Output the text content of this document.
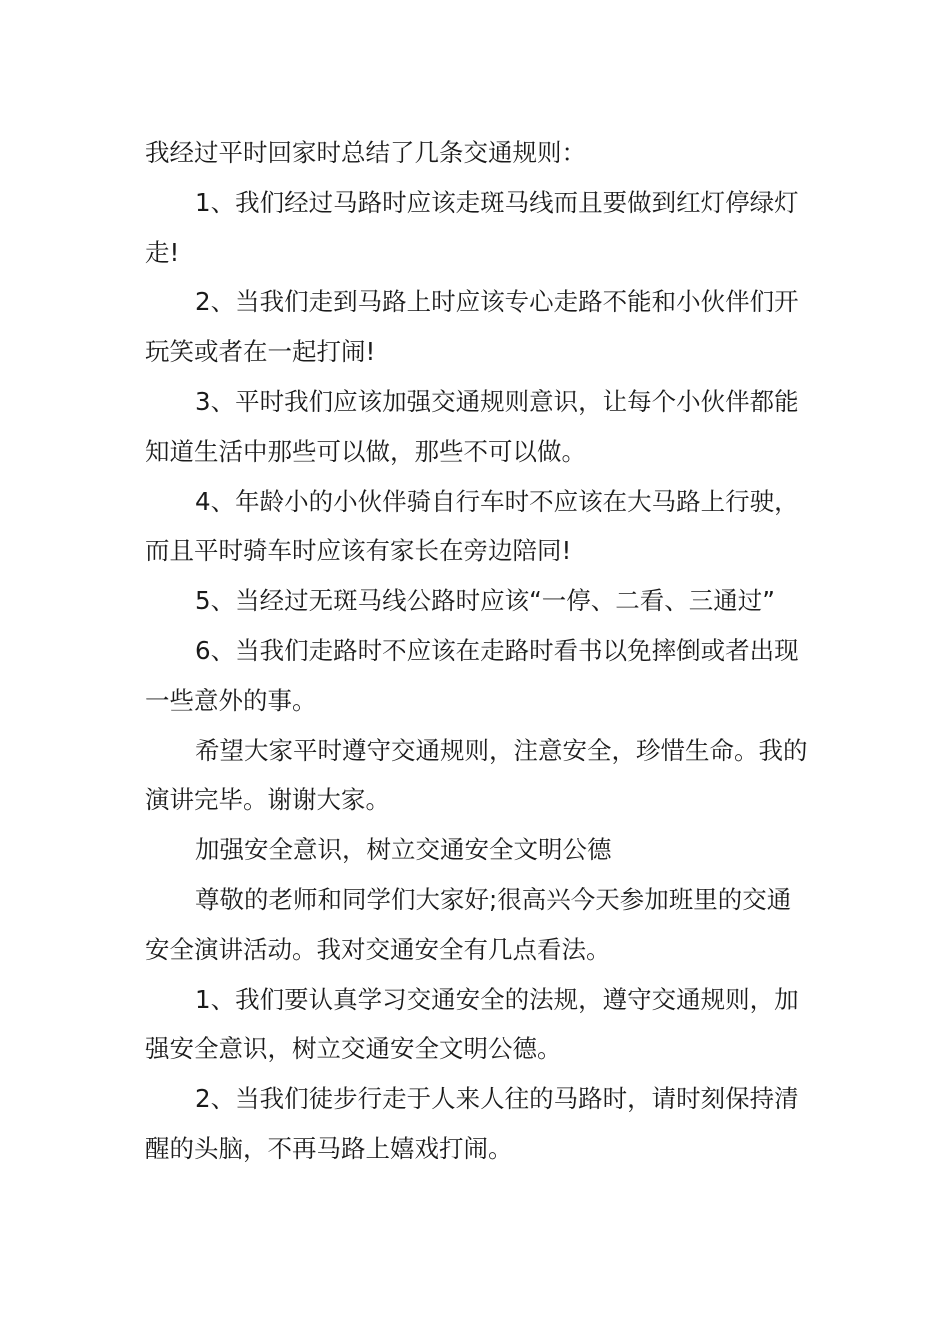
我经过平时回家时总结了几条交通规则：

1、我们经过马路时应该走斑马线而且要做到红灯停绿灯走!

2、当我们走到马路上时应该专心走路不能和小伙伴们开玩笑或者在一起打闹!

3、平时我们应该加强交通规则意识，让每个小伙伴都能知道生活中那些可以做，那些不可以做。

4、年龄小的小伙伴骑自行车时不应该在大马路上行驶，而且平时骑车时应该有家长在旁边陪同!

5、当经过无斑马线公路时应该“一停、二看、三通过”

6、当我们走路时不应该在走路时看书以免摔倒或者出现一些意外的事。

希望大家平时遵守交通规则，注意安全，珍惜生命。我的演讲完毕。谢谢大家。

加强安全意识，树立交通安全文明公德

尊敬的老师和同学们大家好;很高兴今天参加班里的交通安全演讲活动。我对交通安全有几点看法。

1、我们要认真学习交通安全的法规，遵守交通规则，加强安全意识，树立交通安全文明公德。

2、当我们徒步行走于人来人往的马路时，请时刻保持清醒的头脑，不再马路上嬉戏打闹。
